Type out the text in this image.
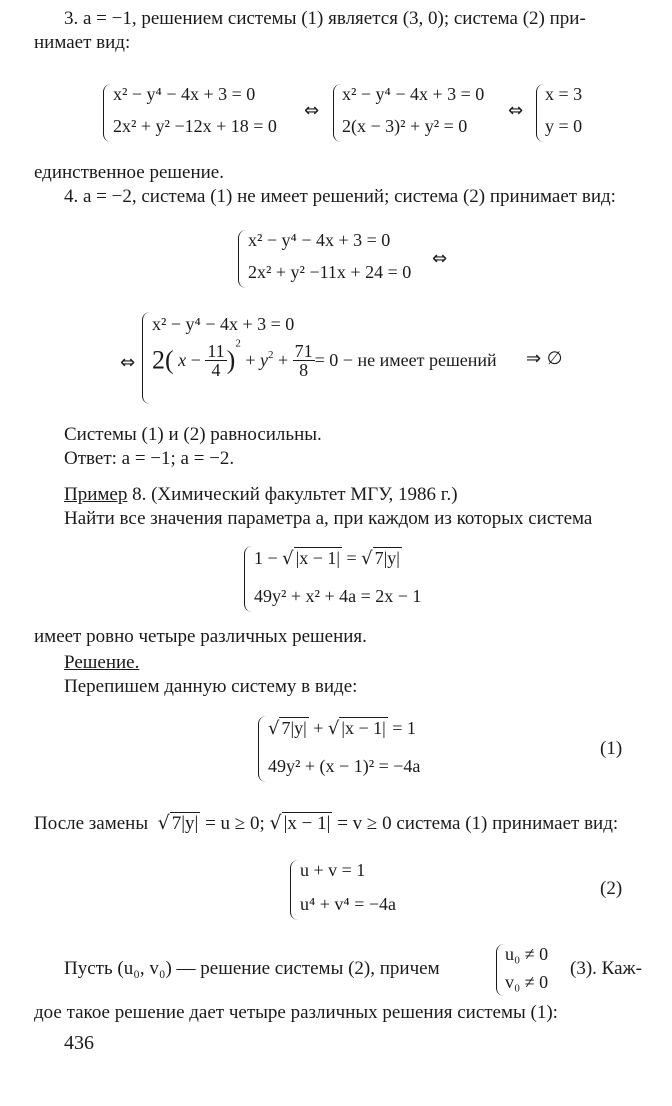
3. a = −1, решением системы (1) является (3, 0); система (2) при-
нимает вид:
x² − y⁴ − 4x + 3 = 0
2x² + y² −12x + 18 = 0
⇔
x² − y⁴ − 4x + 3 = 0
2(x − 3)² + y² = 0
⇔
x = 3
y = 0
единственное решение.
4. a = −2, система (1) не имеет решений; система (2) принимает вид:
x² − y⁴ − 4x + 3 = 0
2x² + y² −11x + 24 = 0
⇔
⇔
x² − y⁴ − 4x + 3 = 0
2( $x - \frac{11}{4} )^2 + y^2 + \frac{71}{8} = 0$ − не имеет решений ⇒ ∅
Системы (1) и (2) равносильны.
Ответ: a = −1; a = −2.
Пример 8. (Химический факультет МГУ, 1986 г.)
Найти все значения параметра a, при каждом из которых система
1 − √ |x − 1| = √ 7|y|
49y² + x² + 4a = 2x − 1
имеет ровно четыре различных решения.
Решение.
Перепишем данную систему в виде:
√ 7|y| + √ |x − 1| = 1
49y² + (x − 1)² = −4a
(1)
После замены √ 7|y| = u ≥ 0; √ |x − 1| = v ≥ 0 система (1) принимает вид:
u + v = 1
u⁴ + v⁴ = −4a
(2)
Пусть (u₀, v₀) — решение системы (2), причем
u₀ ≠ 0
v₀ ≠ 0
(3). Каж-
дое такое решение дает четыре различных решения системы (1):
436
